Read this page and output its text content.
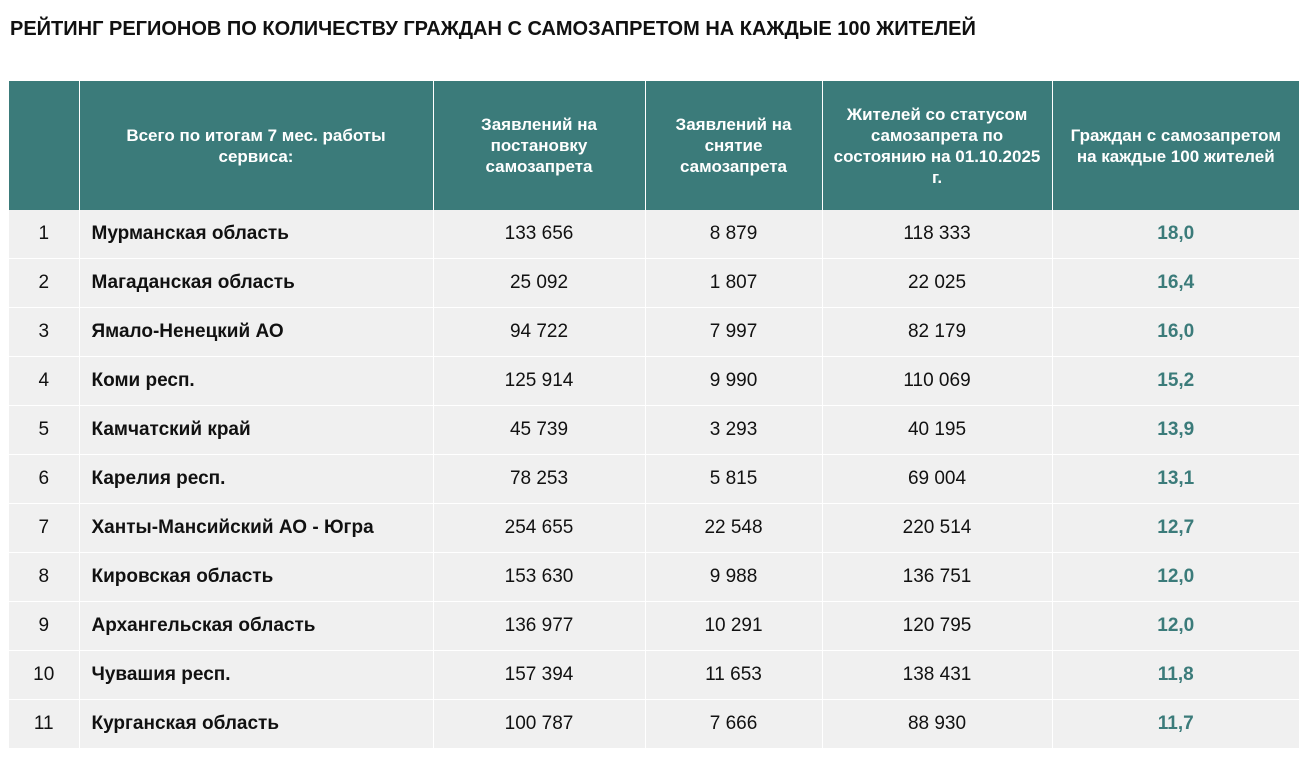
РЕЙТИНГ РЕГИОНОВ ПО КОЛИЧЕСТВУ ГРАЖДАН С САМОЗАПРЕТОМ НА КАЖДЫЕ 100 ЖИТЕЛЕЙ
	Всего по итогам 7 мес. работы сервиса:	Заявлений на постановку самозапрета	Заявлений на снятие самозапрета	Жителей со статусом самозапрета по состоянию на 01.10.2025 г.	Граждан с самозапретом на каждые 100 жителей
1	Мурманская область	133 656	8 879	118 333	18,0
2	Магаданская область	25 092	1 807	22 025	16,4
3	Ямало-Ненецкий АО	94 722	7 997	82 179	16,0
4	Коми респ.	125 914	9 990	110 069	15,2
5	Камчатский край	45 739	3 293	40 195	13,9
6	Карелия респ.	78 253	5 815	69 004	13,1
7	Ханты-Мансийский АО - Югра	254 655	22 548	220 514	12,7
8	Кировская область	153 630	9 988	136 751	12,0
9	Архангельская область	136 977	10 291	120 795	12,0
10	Чувашия респ.	157 394	11 653	138 431	11,8
11	Курганская область	100 787	7 666	88 930	11,7
